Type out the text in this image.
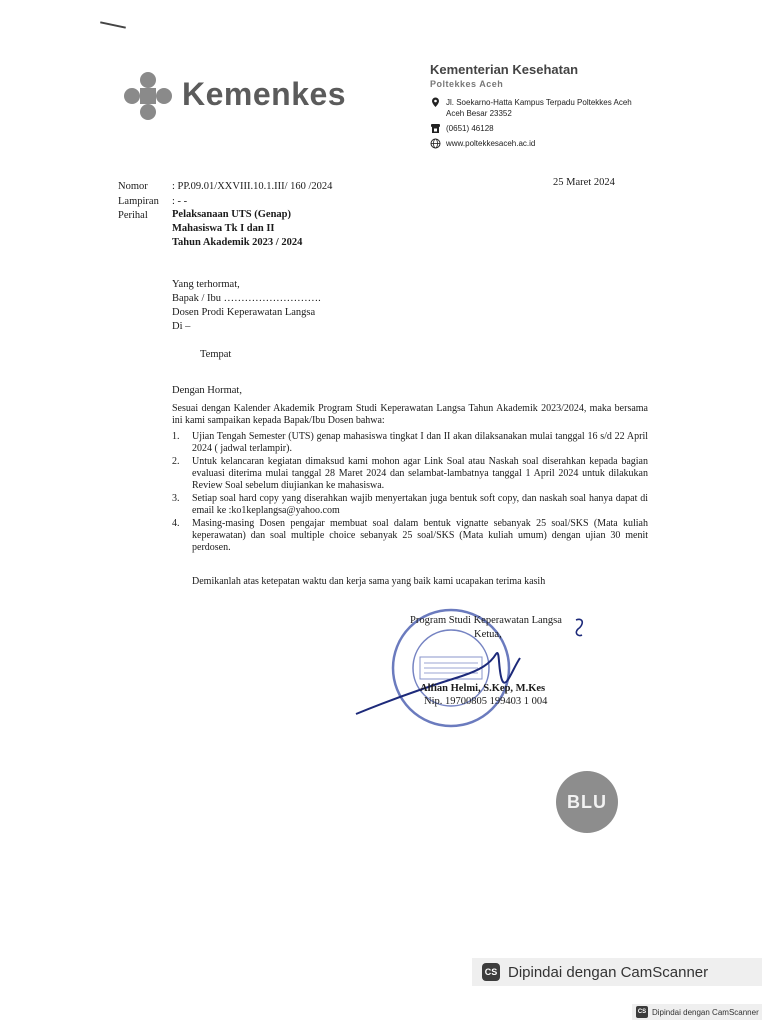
Kemenkes
Kementerian Kesehatan
Poltekkes Aceh
Jl. Soekarno-Hatta Kampus Terpadu Poltekkes Aceh
Aceh Besar 23352
(0651) 46128
www.poltekkesaceh.ac.id
Nomor : PP.09.01/XXVIII.10.1.III/ 160 /2024
Lampiran : - -
Perihal Pelaksanaan UTS (Genap)
Mahasiswa Tk I dan II
Tahun Akademik 2023 / 2024
25 Maret 2024
Yang terhormat,
Bapak / Ibu ……………………….
Dosen Prodi Keperawatan Langsa
Di –
Tempat
Dengan Hormat,
Sesuai dengan Kalender Akademik Program Studi Keperawatan Langsa Tahun Akademik 2023/2024, maka bersama ini kami sampaikan kepada Bapak/Ibu Dosen bahwa:
1.	Ujian Tengah Semester (UTS) genap mahasiswa tingkat I dan II akan dilaksanakan mulai tanggal 16 s/d 22 April 2024 ( jadwal terlampir).
2.	Untuk kelancaran kegiatan dimaksud kami mohon agar Link Soal atau Naskah soal diserahkan kepada bagian evaluasi diterima mulai tanggal 28 Maret 2024 dan selambat-lambatnya tanggal 1 April 2024 untuk dilakukan Review Soal sebelum diujiankan ke mahasiswa.
3.	Setiap soal hard copy yang diserahkan wajib menyertakan juga bentuk soft copy, dan naskah soal hanya dapat di email ke :ko1keplangsa@yahoo.com
4.	Masing-masing Dosen pengajar membuat soal dalam bentuk vignatte sebanyak 25 soal/SKS (Mata kuliah keperawatan) dan soal multiple choice sebanyak 25 soal/SKS (Mata kuliah umum) dengan ujian 30 menit perdosen.
Demikanlah atas ketepatan waktu dan kerja sama yang baik kami ucapakan terima kasih
Program Studi Keperawatan Langsa
Ketua,
Alfian Helmi, S.Kep, M.Kes
Nip. 19700805 199403 1 004
BLU
CS Dipindai dengan CamScanner
CS Dipindai dengan CamScanner
